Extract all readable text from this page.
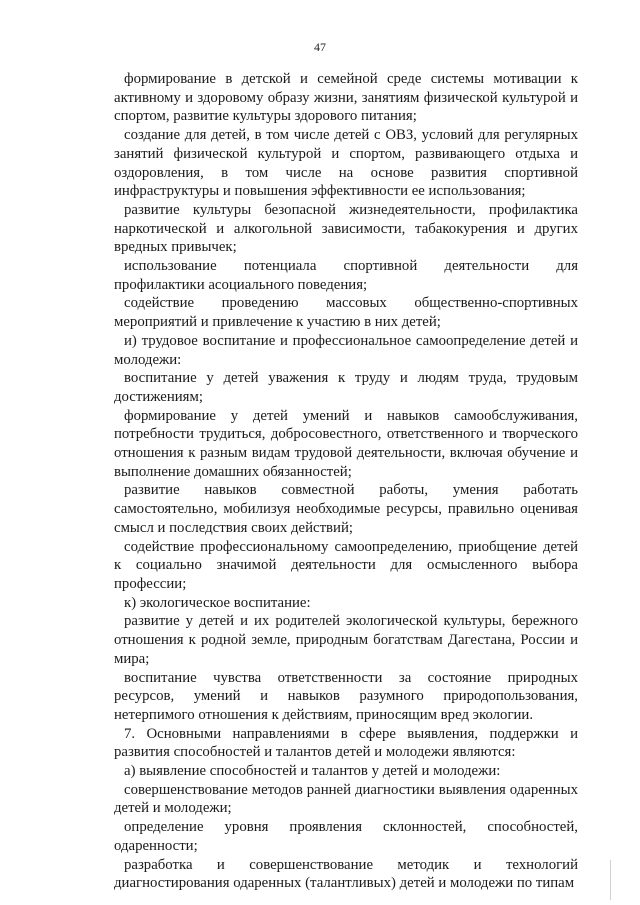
47

формирование в детской и семейной среде системы мотивации к активному и здоровому образу жизни, занятиям физической культурой и спортом, развитие культуры здорового питания;

создание для детей, в том числе детей с ОВЗ, условий для регулярных занятий физической культурой и спортом, развивающего отдыха и оздоровления, в том числе на основе развития спортивной инфраструктуры и повышения эффективности ее использования;

развитие культуры безопасной жизнедеятельности, профилактика наркотической и алкогольной зависимости, табакокурения и других вредных привычек;

использование потенциала спортивной деятельности для профилактики асоциального поведения;

содействие проведению массовых общественно-спортивных мероприятий и привлечение к участию в них детей;

и) трудовое воспитание и профессиональное самоопределение детей и молодежи:

воспитание у детей уважения к труду и людям труда, трудовым достижениям;

формирование у детей умений и навыков самообслуживания, потребности трудиться, добросовестного, ответственного и творческого отношения к разным видам трудовой деятельности, включая обучение и выполнение домашних обязанностей;

развитие навыков совместной работы, умения работать самостоятельно, мобилизуя необходимые ресурсы, правильно оценивая смысл и последствия своих действий;

содействие профессиональному самоопределению, приобщение детей к социально значимой деятельности для осмысленного выбора профессии;

к) экологическое воспитание:

развитие у детей и их родителей экологической культуры, бережного отношения к родной земле, природным богатствам Дагестана, России и мира;

воспитание чувства ответственности за состояние природных ресурсов, умений и навыков разумного природопользования, нетерпимого отношения к действиям, приносящим вред экологии.

7. Основными направлениями в сфере выявления, поддержки и развития способностей и талантов детей и молодежи являются:

а) выявление способностей и талантов у детей и молодежи:

совершенствование методов ранней диагностики выявления одаренных детей и молодежи;

определение уровня проявления склонностей, способностей, одаренности;

разработка и совершенствование методик и технологий диагностирования одаренных (талантливых) детей и молодежи по типам
